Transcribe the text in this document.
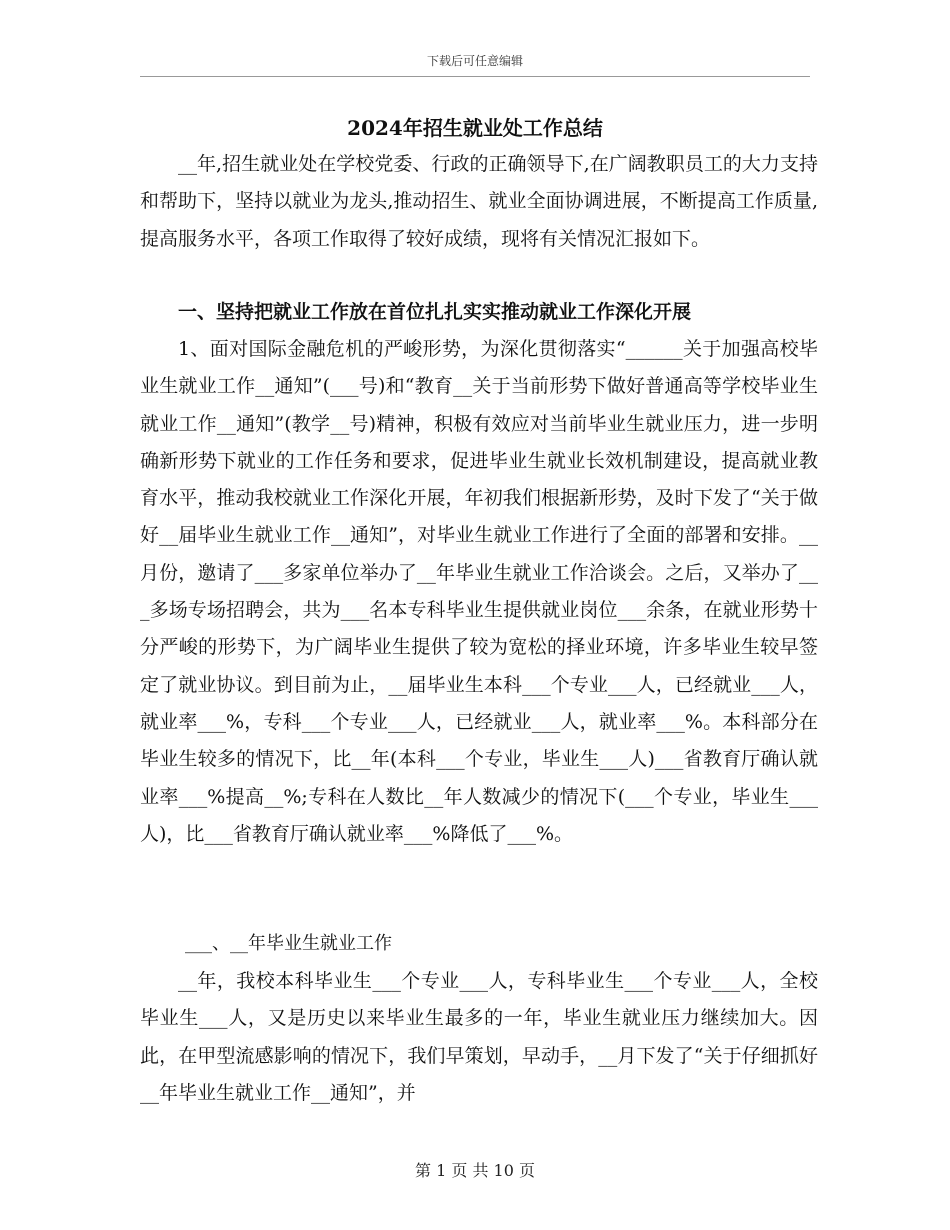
下载后可任意编辑
2024年招生就业处工作总结

__年,招生就业处在学校党委、行政的正确领导下,在广阔教职员工的大力支持和帮助下，坚持以就业为龙头,推动招生、就业全面协调进展，不断提高工作质量,提高服务水平，各项工作取得了较好成绩，现将有关情况汇报如下。

一、坚持把就业工作放在首位扎扎实实推动就业工作深化开展

1、面对国际金融危机的严峻形势，为深化贯彻落实“______关于加强高校毕业生就业工作__通知”(___号)和“教育__关于当前形势下做好普通高等学校毕业生就业工作__通知”(教学__号)精神，积极有效应对当前毕业生就业压力，进一步明确新形势下就业的工作任务和要求，促进毕业生就业长效机制建设，提高就业教育水平，推动我校就业工作深化开展，年初我们根据新形势，及时下发了“关于做好__届毕业生就业工作__通知”，对毕业生就业工作进行了全面的部署和安排。__月份，邀请了___多家单位举办了__年毕业生就业工作洽谈会。之后，又举办了___多场专场招聘会，共为___名本专科毕业生提供就业岗位___余条，在就业形势十分严峻的形势下，为广阔毕业生提供了较为宽松的择业环境，许多毕业生较早签定了就业协议。到目前为止，__届毕业生本科___个专业___人，已经就业___人，就业率___%，专科___个专业___人，已经就业___人，就业率___%。本科部分在毕业生较多的情况下，比__年(本科___个专业，毕业生___人)___省教育厅确认就业率___%提高__%;专科在人数比__年人数减少的情况下(___个专业，毕业生___人)，比___省教育厅确认就业率___%降低了___%。

___、__年毕业生就业工作

__年，我校本科毕业生___个专业___人，专科毕业生___个专业___人，全校毕业生___人，又是历史以来毕业生最多的一年，毕业生就业压力继续加大。因此，在甲型流感影响的情况下，我们早策划，早动手，__月下发了“关于仔细抓好__年毕业生就业工作__通知”，并

第 1 页 共 10 页
